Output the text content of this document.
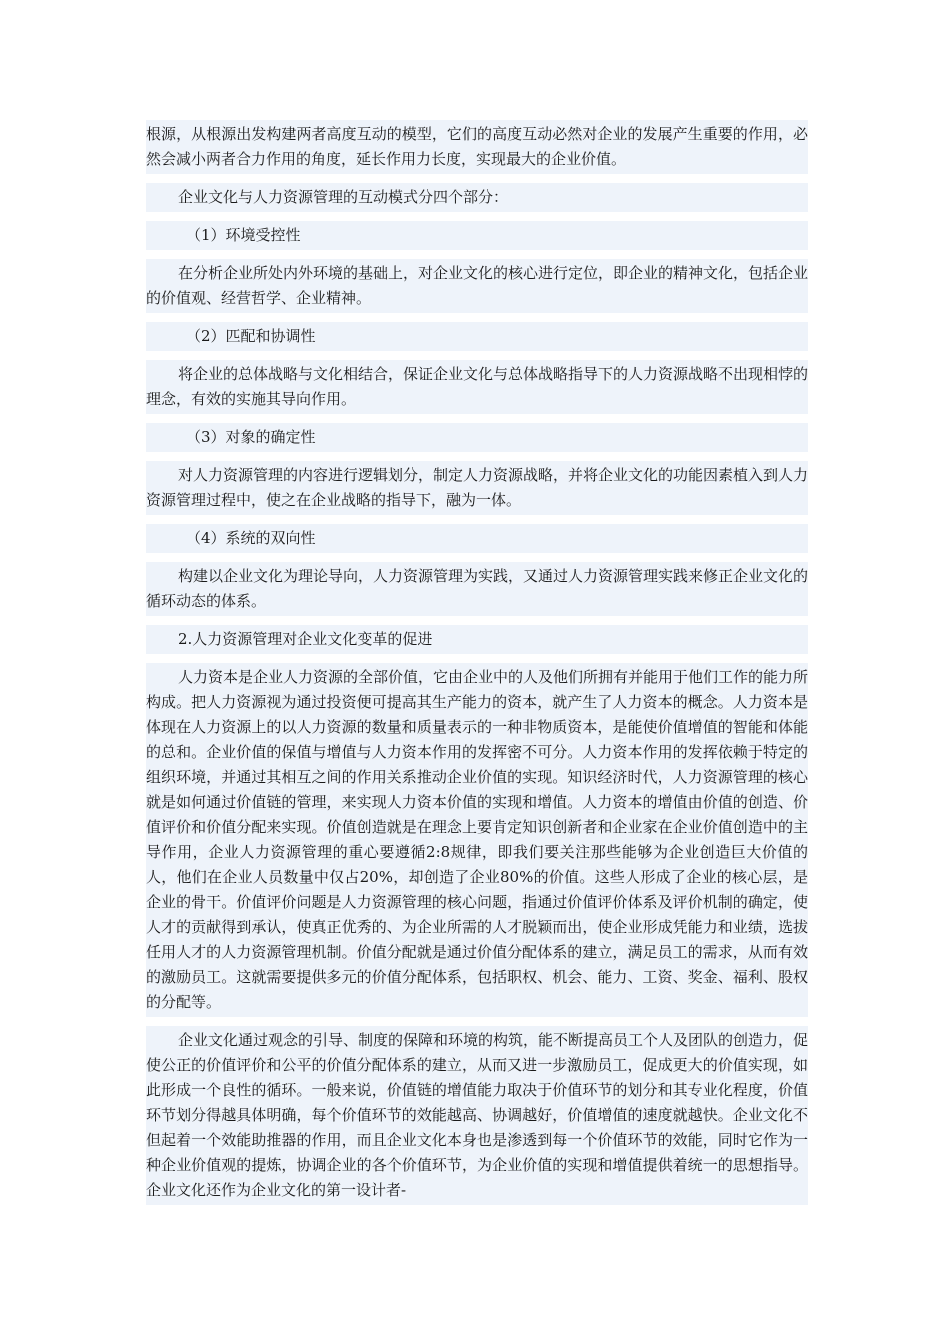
根源，从根源出发构建两者高度互动的模型，它们的高度互动必然对企业的发展产生重要的作用，必然会减小两者合力作用的角度，延长作用力长度，实现最大的企业价值。

企业文化与人力资源管理的互动模式分四个部分：

（1）环境受控性

在分析企业所处内外环境的基础上，对企业文化的核心进行定位，即企业的精神文化，包括企业的价值观、经营哲学、企业精神。

（2）匹配和协调性

将企业的总体战略与文化相结合，保证企业文化与总体战略指导下的人力资源战略不出现相悖的理念，有效的实施其导向作用。

（3）对象的确定性

对人力资源管理的内容进行逻辑划分，制定人力资源战略，并将企业文化的功能因素植入到人力资源管理过程中，使之在企业战略的指导下，融为一体。

（4）系统的双向性

构建以企业文化为理论导向，人力资源管理为实践，又通过人力资源管理实践来修正企业文化的循环动态的体系。

2.人力资源管理对企业文化变革的促进

人力资本是企业人力资源的全部价值，它由企业中的人及他们所拥有并能用于他们工作的能力所构成。把人力资源视为通过投资便可提高其生产能力的资本，就产生了人力资本的概念。人力资本是体现在人力资源上的以人力资源的数量和质量表示的一种非物质资本，是能使价值增值的智能和体能的总和。企业价值的保值与增值与人力资本作用的发挥密不可分。人力资本作用的发挥依赖于特定的组织环境，并通过其相互之间的作用关系推动企业价值的实现。知识经济时代，人力资源管理的核心就是如何通过价值链的管理，来实现人力资本价值的实现和增值。人力资本的增值由价值的创造、价值评价和价值分配来实现。价值创造就是在理念上要肯定知识创新者和企业家在企业价值创造中的主导作用，企业人力资源管理的重心要遵循2:8规律，即我们要关注那些能够为企业创造巨大价值的人，他们在企业人员数量中仅占20%，却创造了企业80%的价值。这些人形成了企业的核心层，是企业的骨干。价值评价问题是人力资源管理的核心问题，指通过价值评价体系及评价机制的确定，使人才的贡献得到承认，使真正优秀的、为企业所需的人才脱颖而出，使企业形成凭能力和业绩，选拔任用人才的人力资源管理机制。价值分配就是通过价值分配体系的建立，满足员工的需求，从而有效的激励员工。这就需要提供多元的价值分配体系，包括职权、机会、能力、工资、奖金、福利、股权的分配等。

企业文化通过观念的引导、制度的保障和环境的构筑，能不断提高员工个人及团队的创造力，促使公正的价值评价和公平的价值分配体系的建立，从而又进一步激励员工，促成更大的价值实现，如此形成一个良性的循环。一般来说，价值链的增值能力取决于价值环节的划分和其专业化程度，价值环节划分得越具体明确，每个价值环节的效能越高、协调越好，价值增值的速度就越快。企业文化不但起着一个效能助推器的作用，而且企业文化本身也是渗透到每一个价值环节的效能，同时它作为一种企业价值观的提炼，协调企业的各个价值环节，为企业价值的实现和增值提供着统一的思想指导。企业文化还作为企业文化的第一设计者-
